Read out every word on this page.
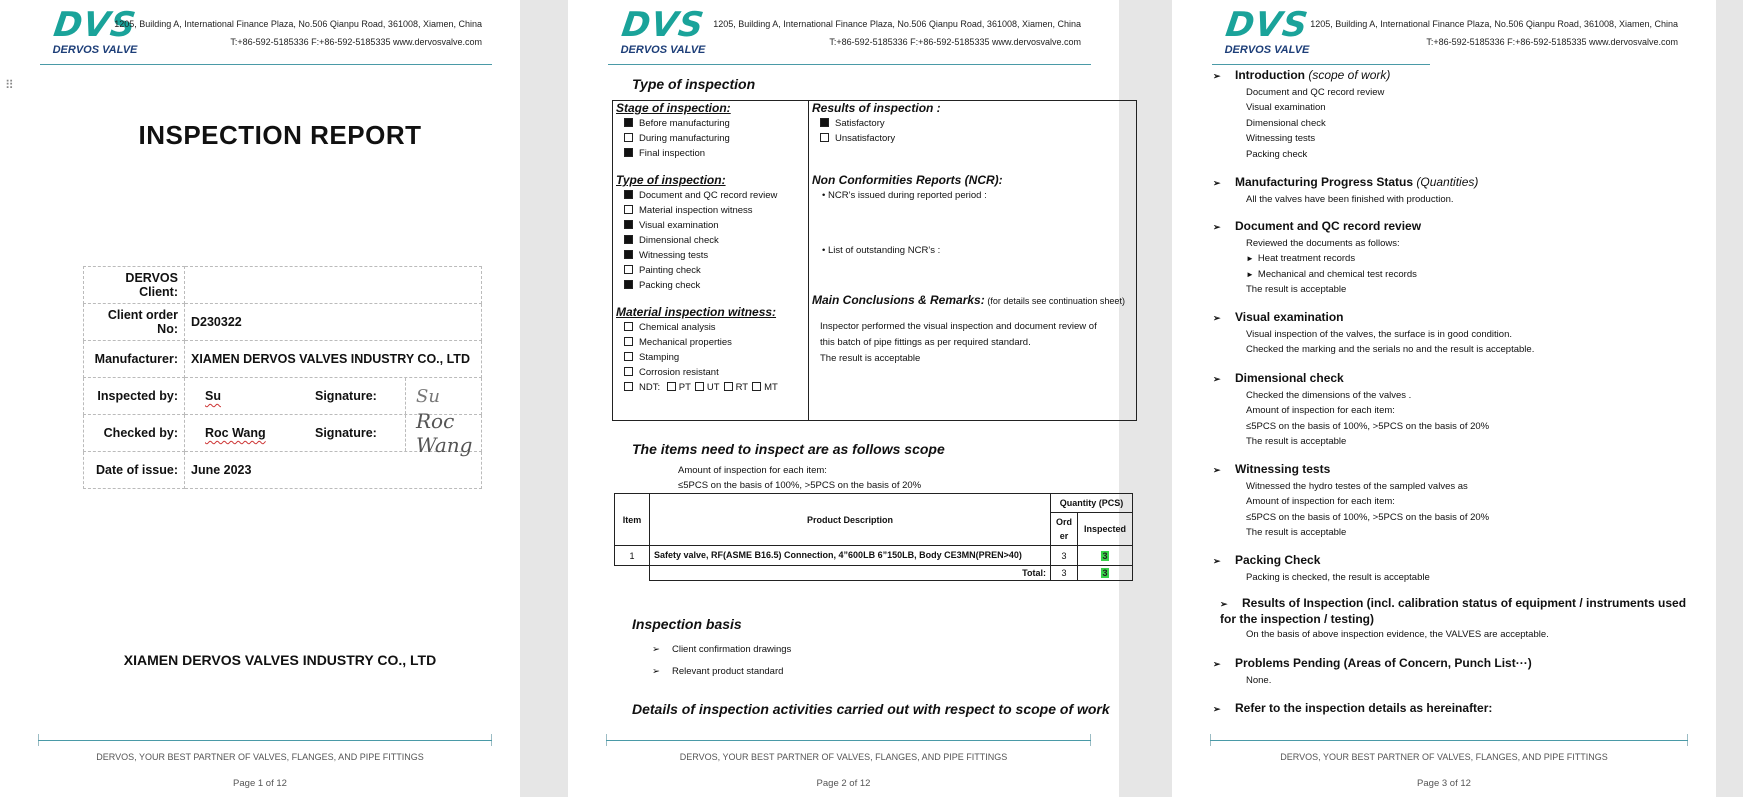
DVS
DERVOS VALVE
1205, Building A, International Finance Plaza, No.506 Qianpu Road, 361008, Xiamen, China
T:+86-592-5185336 F:+86-592-5185335 www.dervosvalve.com
⠿
INSPECTION REPORT
DERVOS Client:	
Client order No:	D230322
Manufacturer:	XIAMEN DERVOS VALVES INDUSTRY CO., LTD
Inspected by:	Su Signature: Su

Checked by:	Roc Wang Signature: Roc Wang

Date of issue:	June 2023
XIAMEN DERVOS VALVES INDUSTRY CO., LTD
DERVOS, YOUR BEST PARTNER OF VALVES, FLANGES, AND PIPE FITTINGS
Page 1 of 12
DVS
DERVOS VALVE
1205, Building A, International Finance Plaza, No.506 Qianpu Road, 361008, Xiamen, China
T:+86-592-5185336 F:+86-592-5185335 www.dervosvalve.com
Type of inspection
Stage of inspection:
Before manufacturing
During manufacturing
Final inspection
Type of inspection:
Document and QC record review
Material inspection witness
Visual examination
Dimensional check
Witnessing tests
Painting check
Packing check
Material inspection witness:
Chemical analysis
Mechanical properties
Stamping
Corrosion resistant
NDT: PT UT RT MT
Results of inspection :
Satisfactory
Unsatisfactory
Non Conformities Reports (NCR):
• NCR’s issued during reported period :
• List of outstanding NCR’s :
Main Conclusions & Remarks: (for details see continuation sheet)
Inspector performed the visual inspection and document review of
this batch of pipe fittings as per required standard.
The result is acceptable
The items need to inspect are as follows scope
Amount of inspection for each item:
≤5PCS on the basis of 100%, >5PCS on the basis of 20%
Item	Product Description	Quantity (PCS)	
		Ord er	Inspected
1	Safety valve, RF(ASME B16.5) Connection, 4”600LB 6”150LB, Body CE3MN(PREN>40)	3	3
	Total:	3	3
Inspection basis
➢ Client confirmation drawings
➢ Relevant product standard
Details of inspection activities carried out with respect to scope of work
DERVOS, YOUR BEST PARTNER OF VALVES, FLANGES, AND PIPE FITTINGS
Page 2 of 12
DVS
DERVOS VALVE
1205, Building A, International Finance Plaza, No.506 Qianpu Road, 361008, Xiamen, China
T:+86-592-5185336 F:+86-592-5185335 www.dervosvalve.com
➢ Introduction (scope of work)
Document and QC record review
Visual examination
Dimensional check
Witnessing tests
Packing check
➢ Manufacturing Progress Status (Quantities)
All the valves have been finished with production.
➢ Document and QC record review
Reviewed the documents as follows:
► Heat treatment records
► Mechanical and chemical test records
The result is acceptable
➢ Visual examination
Visual inspection of the valves, the surface is in good condition.
Checked the marking and the serials no and the result is acceptable.
➢ Dimensional check
Checked the dimensions of the valves .
Amount of inspection for each item:
≤5PCS on the basis of 100%, >5PCS on the basis of 20%
The result is acceptable
➢ Witnessing tests
Witnessed the hydro testes of the sampled valves as
Amount of inspection for each item:
≤5PCS on the basis of 100%, >5PCS on the basis of 20%
The result is acceptable
➢ Packing Check
Packing is checked, the result is acceptable
➢ Results of Inspection (incl. calibration status of equipment / instruments used for the inspection / testing)
On the basis of above inspection evidence, the VALVES are acceptable.
➢ Problems Pending (Areas of Concern, Punch List···)
None.
➢ Refer to the inspection details as hereinafter:
DERVOS, YOUR BEST PARTNER OF VALVES, FLANGES, AND PIPE FITTINGS
Page 3 of 12
